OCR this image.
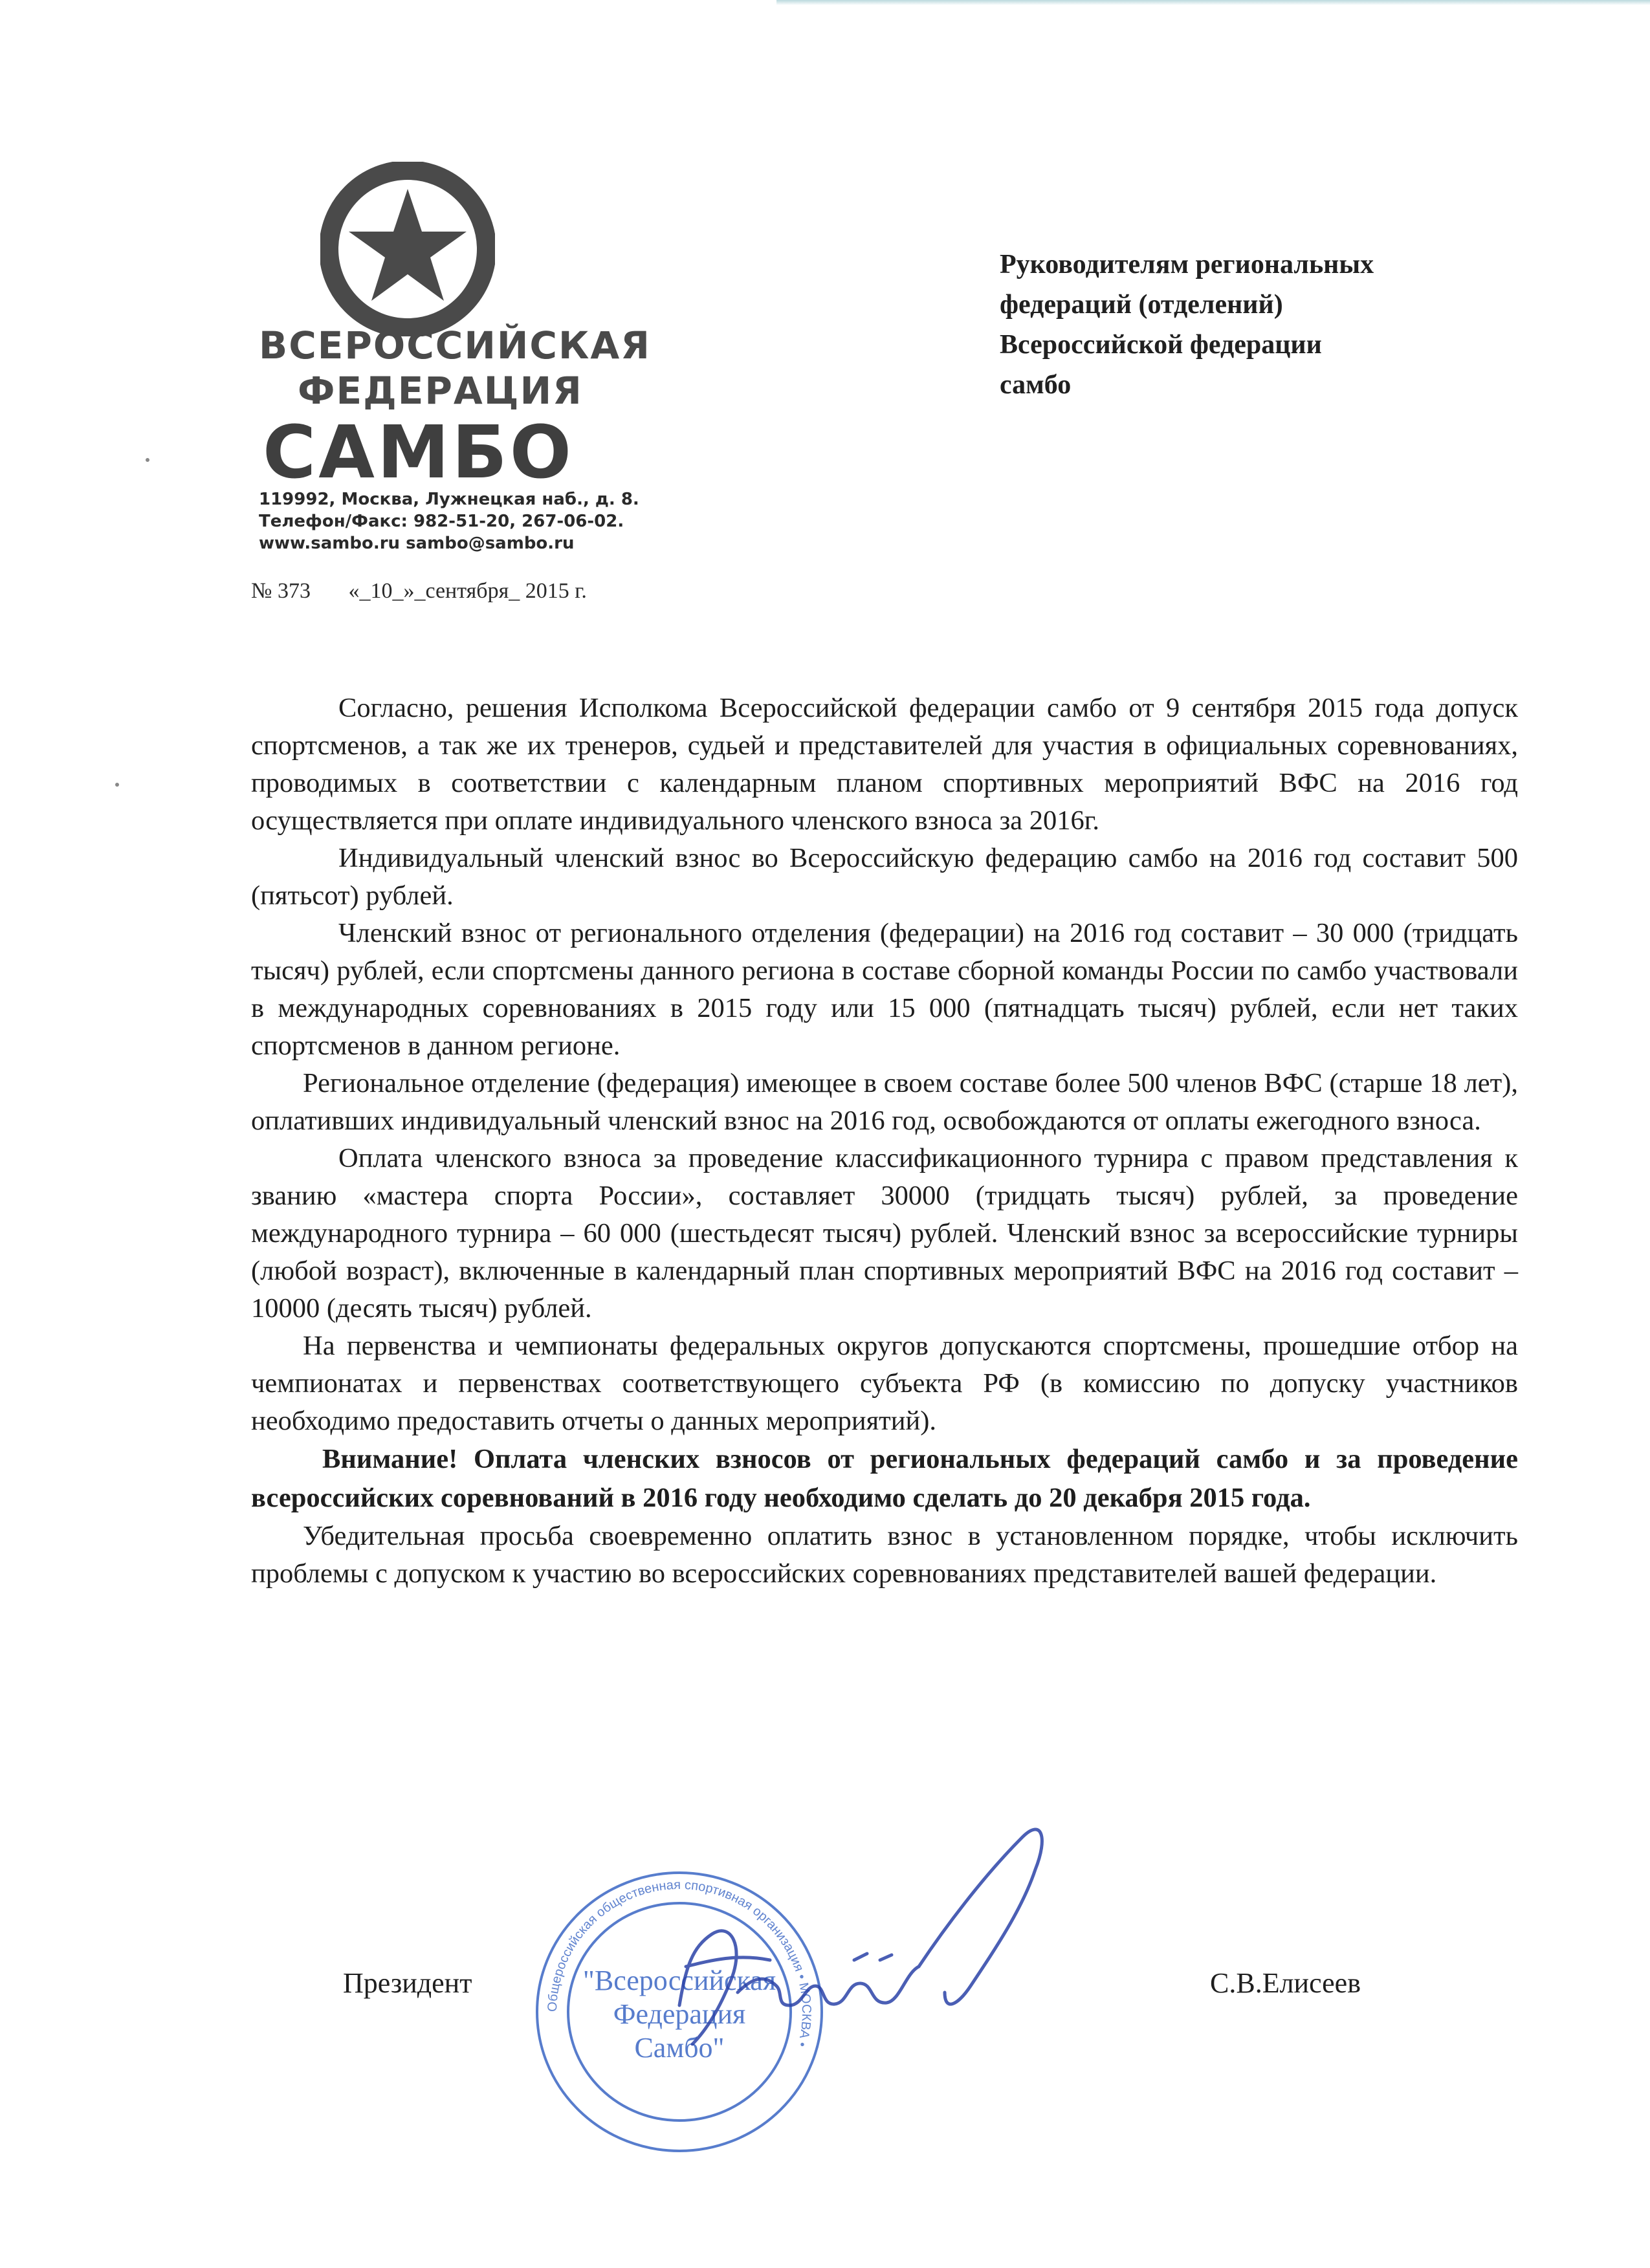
ВСЕРОССИЙСКАЯ
ФЕДЕРАЦИЯ
САМБО
119992, Москва, Лужнецкая наб., д. 8.
Телефон/Факс: 982-51-20, 267-06-02.
www.sambo.ru sambo@sambo.ru
Руководителям региональных
федераций (отделений)
Всероссийской федерации
самбо
№ 373 «_10_»_сентября_ 2015 г.

Согласно, решения Исполкома Всероссийской федерации самбо от 9 сентября 2015 года допуск спортсменов, а так же их тренеров, судьей и представителей для участия в официальных соревнованиях, проводимых в соответствии с календарным планом спортивных мероприятий ВФС на 2016 год осуществляется при оплате индивидуального членского взноса за 2016г.

Индивидуальный членский взнос во Всероссийскую федерацию самбо на 2016 год составит 500 (пятьсот) рублей.

Членский взнос от регионального отделения (федерации) на 2016 год составит – 30 000 (тридцать тысяч) рублей, если спортсмены данного региона в составе сборной команды России по самбо участвовали в международных соревнованиях в 2015 году или 15 000 (пятнадцать тысяч) рублей, если нет таких спортсменов в данном регионе.

Региональное отделение (федерация) имеющее в своем составе более 500 членов ВФС (старше 18 лет), оплативших индивидуальный членский взнос на 2016 год, освобождаются от оплаты ежегодного взноса.

Оплата членского взноса за проведение классификационного турнира с правом представления к званию «мастера спорта России», составляет 30000 (тридцать тысяч) рублей, за проведение международного турнира – 60 000 (шестьдесят тысяч) рублей. Членский взнос за всероссийские турниры (любой возраст), включенные в календарный план спортивных мероприятий ВФС на 2016 год составит – 10000 (десять тысяч) рублей.

На первенства и чемпионаты федеральных округов допускаются спортсмены, прошедшие отбор на чемпионатах и первенствах соответствующего субъекта РФ (в комиссию по допуску участников необходимо предоставить отчеты о данных мероприятий).

Внимание! Оплата членских взносов от региональных федераций самбо и за проведение всероссийских соревнований в 2016 году необходимо сделать до 20 декабря 2015 года.

Убедительная просьба своевременно оплатить взнос в установленном порядке, чтобы исключить проблемы с допуском к участию во всероссийских соревнованиях представителей вашей федерации.

Общероссийская общественная спортивная организация • МОСКВА •
"Всероссийская
Федерация
Самбо"
Президент	С.В.Елисеев
